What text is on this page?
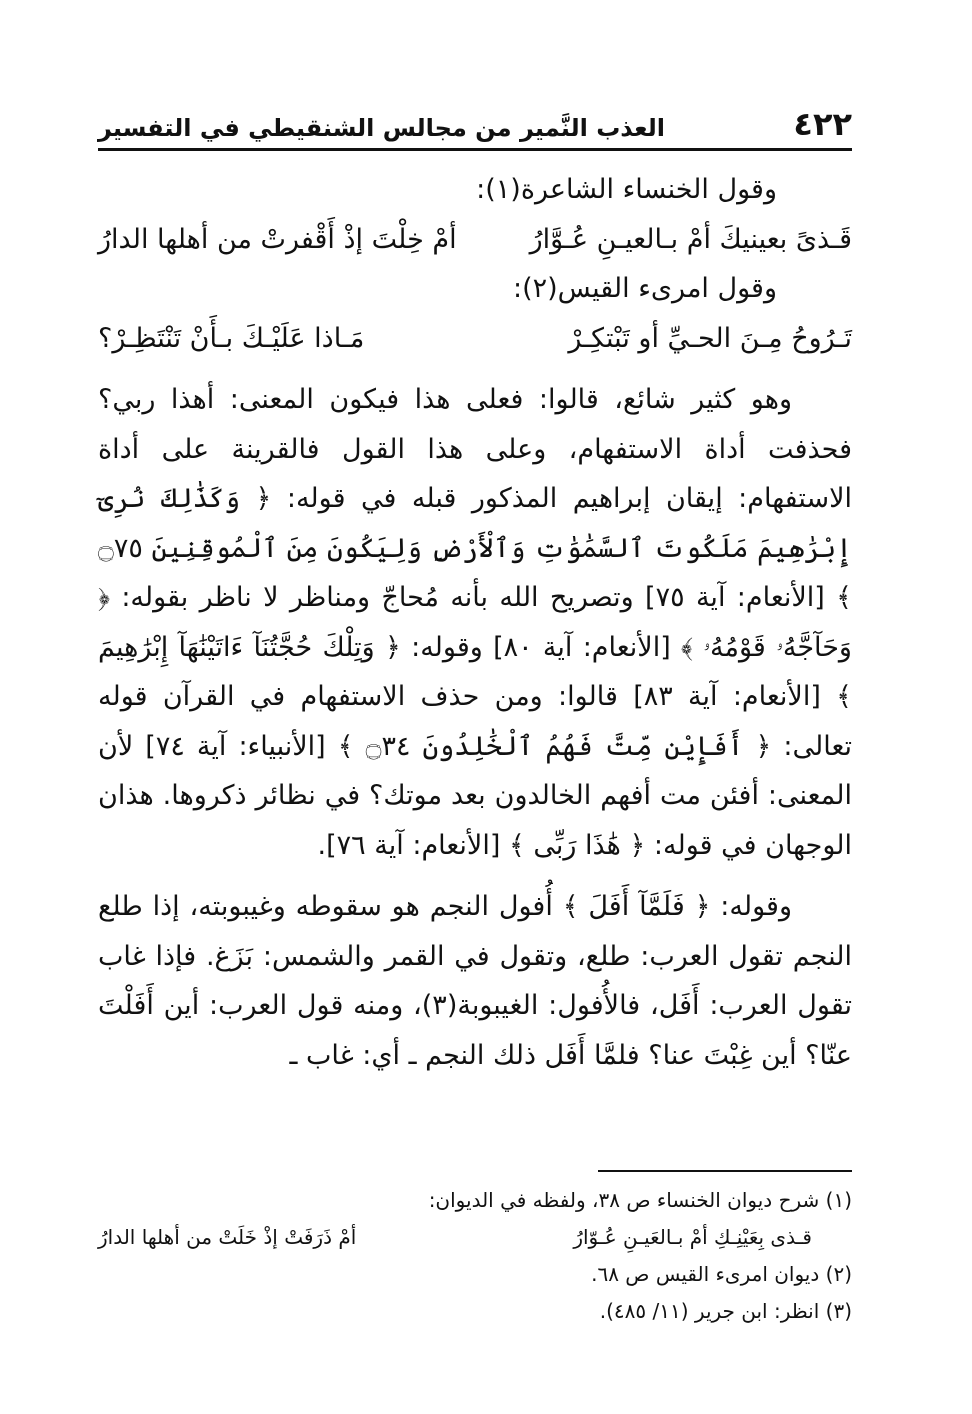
٤٢٢
العذب النَّمير من مجالس الشنقيطي في التفسير

وقول الخنساء الشاعرة(١):

قَـذىً بعينيكَ أمْ بـالعيـنِ عُـوَّارُ
أمْ خِلْتَ إذْ أَقْفرتْ من أهلها الدارُ

وقول امرىء القيس(٢):

تَـرُوحُ مِـنَ الحـيِّ أو تَبْتكِـرْ
مَـاذا عَلَيْـكَ بـأَنْ تَنْتَظِـرْ؟

وهو كثير شائع، قالوا: فعلى هذا فيكون المعنى: أهذا ربي؟ فحذفت أداة الاستفهام، وعلى هذا القول فالقرينة على أداة الاستفهام: إيقان إبراهيم المذكور قبله في قوله: ﴿ وَكَذَٰلِكَ نُرِىٓ إِبْرَٰهِيمَ مَلَكُوتَ ٱلسَّمَٰوَٰتِ وَٱلْأَرْضِ وَلِيَكُونَ مِنَ ٱلْمُوقِنِينَ ۝٧٥ ﴾ [الأنعام: آية ٧٥] وتصريح الله بأنه مُحاجّ ومناظر لا ناظر بقوله: ﴿ وَحَآجَّهُۥ قَوْمُهُۥ ﴾ [الأنعام: آية ٨٠] وقوله: ﴿ وَتِلْكَ حُجَّتُنَآ ءَاتَيْنَٰهَآ إِبْرَٰهِيمَ ﴾ [الأنعام: آية ٨٣] قالوا: ومن حذف الاستفهام في القرآن قوله تعالى: ﴿ أَفَإِيْن مِّتَّ فَهُمُ ٱلْخَٰلِدُونَ ۝٣٤ ﴾ [الأنبياء: آية ٧٤] لأن المعنى: أفئن مت أفهم الخالدون بعد موتك؟ في نظائر ذكروها. هذان الوجهان في قوله: ﴿ هَٰذَا رَبِّى ﴾ [الأنعام: آية ٧٦].

وقوله: ﴿ فَلَمَّآ أَفَلَ ﴾ أُفول النجم هو سقوطه وغيبوبته، إذا طلع النجم تقول العرب: طلع، وتقول في القمر والشمس: بَزَغ. فإذا غاب تقول العرب: أَفَل، فالأُفول: الغيبوبة(٣)، ومنه قول العرب: أين أَفَلْتَ عنّا؟ أين غِبْتَ عنا؟ فلمَّا أَفَل ذلك النجم ـ أي: غاب ـ

(١) شرح ديوان الخنساء ص ٣٨، ولفظه في الديوان:

قـذى بِعَيْنِـكِ أمْ بـالعَيـنِ عُـوّارُ
أمْ ذَرَفَتْ إذْ خَلَتْ من أهلها الدارُ

(٢) ديوان امرىء القيس ص ٦٨.

(٣) انظر: ابن جرير (١١/ ٤٨٥).
